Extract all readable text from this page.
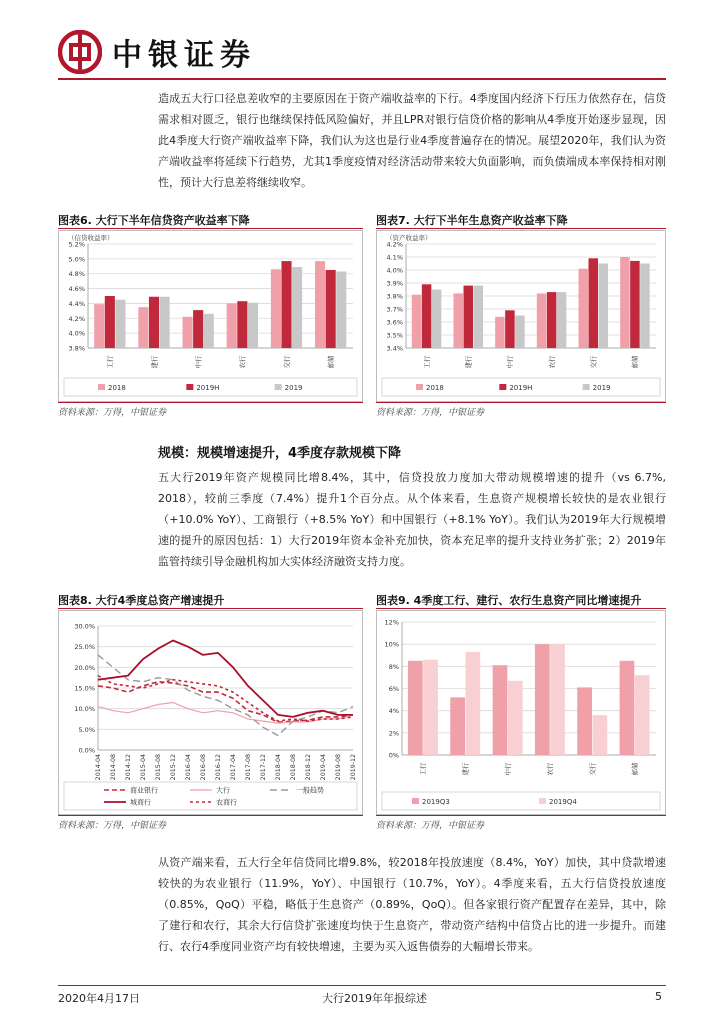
中银证券
造成五大行口径息差收窄的主要原因在于资产端收益率的下行。4季度国内经济下行压力依然存在，信贷需求相对匮乏，银行也继续保持低风险偏好，并且LPR对银行信贷价格的影响从4季度开始逐步显现，因此4季度大行资产端收益率下降，我们认为这也是行业4季度普遍存在的情况。展望2020年，我们认为资产端收益率将延续下行趋势，尤其1季度疫情对经济活动带来较大负面影响，而负债端成本率保持相对刚性，预计大行息差将继续收窄。
图表6. 大行下半年信贷资产收益率下降
3.8%
4.0%
4.2%
4.4%
4.6%
4.8%
5.0%
5.2%
（信贷收益率）
工行	建行	中行	农行	交行	邮储
2018	2019H	2019
资料来源：万得，中银证券
图表7. 大行下半年生息资产收益率下降
3.4%
3.5%
3.6%
3.7%
3.8%
3.9%
4.0%
4.1%
4.2%
（资产收益率）
工行	建行	中行	农行	交行	邮储
2018	2019H	2019
资料来源：万得，中银证券
规模：规模增速提升，4季度存款规模下降
五大行2019年资产规模同比增8.4%，其中，信贷投放力度加大带动规模增速的提升（vs 6.7%, 2018），较前三季度（7.4%）提升1个百分点。从个体来看，生息资产规模增长较快的是农业银行（+10.0% YoY）、工商银行（+8.5% YoY）和中国银行（+8.1% YoY）。我们认为2019年大行规模增速的提升的原因包括：1）大行2019年资本金补充加快，资本充足率的提升支持业务扩张；2）2019年监管持续引导金融机构加大实体经济融资支持力度。
图表8. 大行4季度总资产增速提升
0.0%
5.0%
10.0%
15.0%
20.0%
25.0%
30.0%
2014-04 2014-08 2014-12 2015-04 2015-08 2015-12 2016-04 2016-08 2016-12 2017-04 2017-08 2017-12 2018-04 2018-08 2018-12 2019-04 2019-08 2019-12
商业银行	大行	一般趋势
城商行	农商行
资料来源：万得，中银证券
图表9. 4季度工行、建行、农行生息资产同比增速提升
0%
2%
4%
6%
8%
10%
12%
工行	建行	中行	农行	交行	邮储
2019Q3	2019Q4
资料来源：万得，中银证券
从资产端来看，五大行全年信贷同比增9.8%，较2018年投放速度（8.4%，YoY）加快，其中贷款增速较快的为农业银行（11.9%，YoY）、中国银行（10.7%，YoY）。4季度来看，五大行信贷投放速度（0.85%，QoQ）平稳，略低于生息资产（0.89%，QoQ）。但各家银行资产配置存在差异，其中，除了建行和农行，其余大行信贷扩张速度均快于生息资产，带动资产结构中信贷占比的进一步提升。而建行、农行4季度同业资产均有较快增速，主要为买入返售债券的大幅增长带来。
2020年4月17日	大行2019年年报综述	5
